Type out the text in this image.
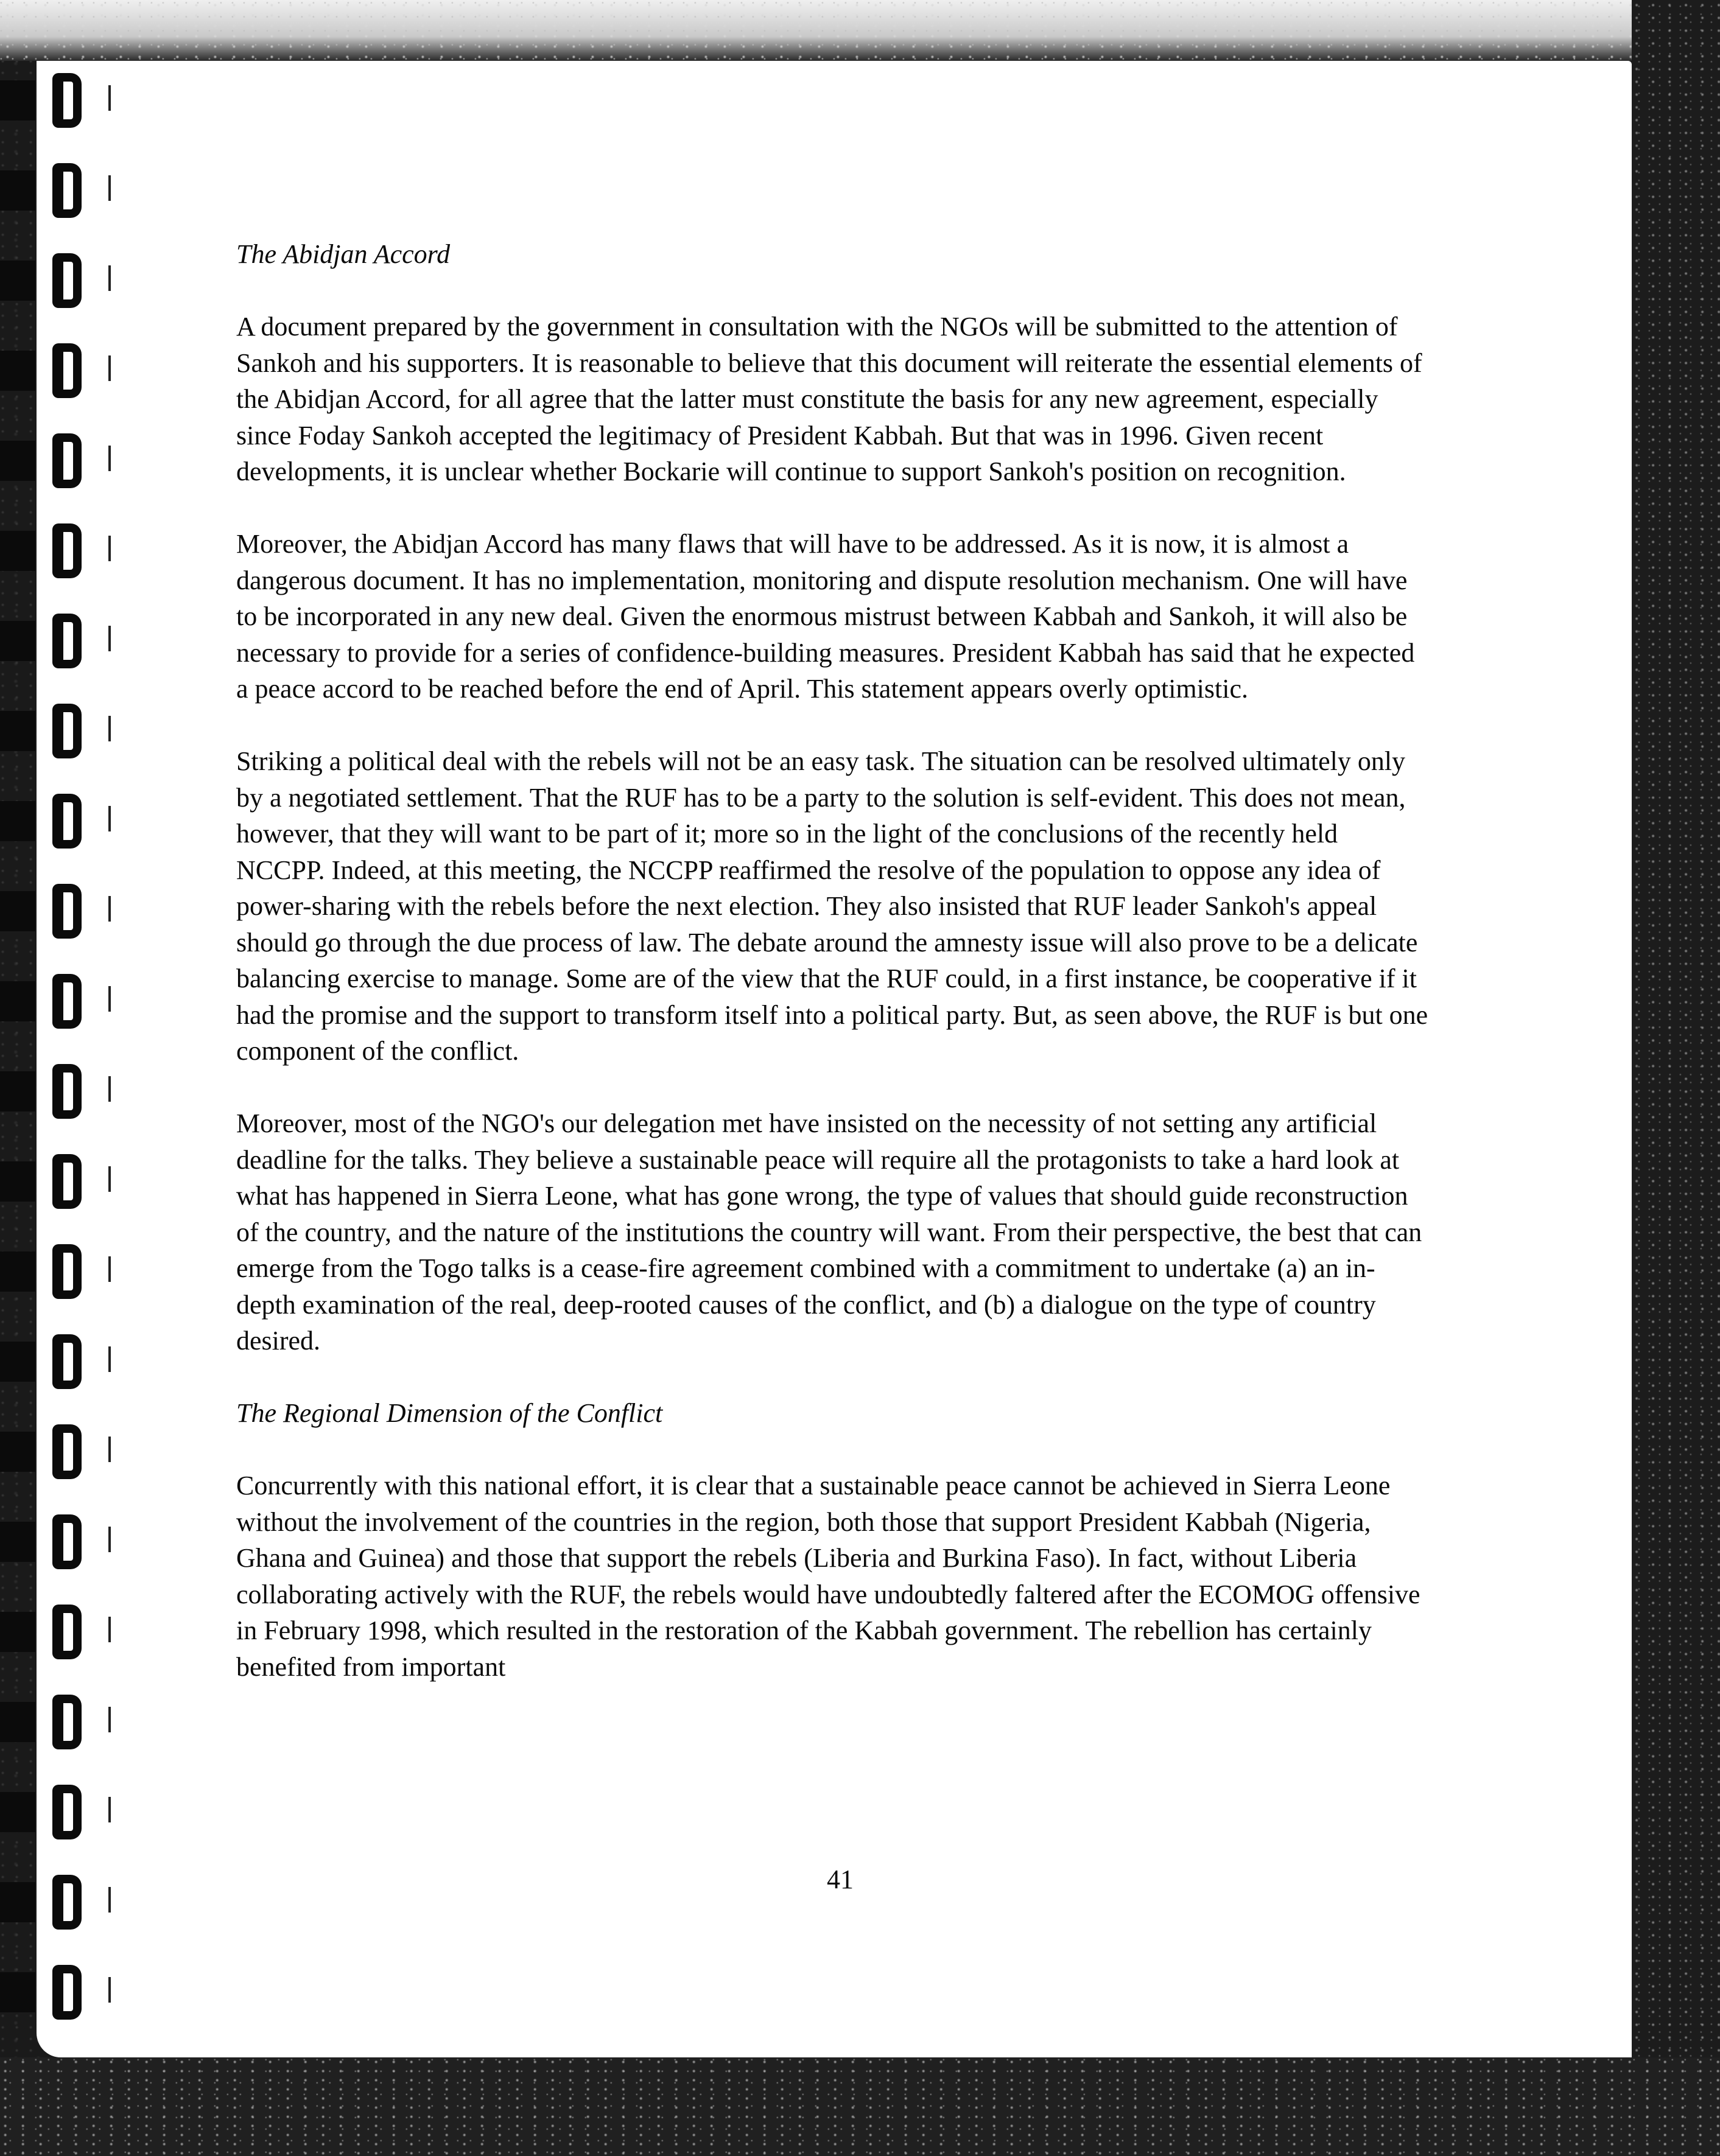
The Abidjan Accord

A document prepared by the government in consultation with the NGOs will be submitted to the attention of Sankoh and his supporters. It is reasonable to believe that this document will reiterate the essential elements of the Abidjan Accord, for all agree that the latter must constitute the basis for any new agreement, especially since Foday Sankoh accepted the legitimacy of President Kabbah. But that was in 1996. Given recent developments, it is unclear whether Bockarie will continue to support Sankoh's position on recognition.

Moreover, the Abidjan Accord has many flaws that will have to be addressed. As it is now, it is almost a dangerous document. It has no implementation, monitoring and dispute resolution mechanism. One will have to be incorporated in any new deal. Given the enormous mistrust between Kabbah and Sankoh, it will also be necessary to provide for a series of confidence-building measures. President Kabbah has said that he expected a peace accord to be reached before the end of April. This statement appears overly optimistic.

Striking a political deal with the rebels will not be an easy task. The situation can be resolved ultimately only by a negotiated settlement. That the RUF has to be a party to the solution is self-evident. This does not mean, however, that they will want to be part of it; more so in the light of the conclusions of the recently held NCCPP. Indeed, at this meeting, the NCCPP reaffirmed the resolve of the population to oppose any idea of power-sharing with the rebels before the next election. They also insisted that RUF leader Sankoh's appeal should go through the due process of law. The debate around the amnesty issue will also prove to be a delicate balancing exercise to manage. Some are of the view that the RUF could, in a first instance, be cooperative if it had the promise and the support to transform itself into a political party. But, as seen above, the RUF is but one component of the conflict.

Moreover, most of the NGO's our delegation met have insisted on the necessity of not setting any artificial deadline for the talks. They believe a sustainable peace will require all the protagonists to take a hard look at what has happened in Sierra Leone, what has gone wrong, the type of values that should guide reconstruction of the country, and the nature of the institutions the country will want. From their perspective, the best that can emerge from the Togo talks is a cease-fire agreement combined with a commitment to undertake (a) an in-depth examination of the real, deep-rooted causes of the conflict, and (b) a dialogue on the type of country desired.

The Regional Dimension of the Conflict

Concurrently with this national effort, it is clear that a sustainable peace cannot be achieved in Sierra Leone without the involvement of the countries in the region, both those that support President Kabbah (Nigeria, Ghana and Guinea) and those that support the rebels (Liberia and Burkina Faso). In fact, without Liberia collaborating actively with the RUF, the rebels would have undoubtedly faltered after the ECOMOG offensive in February 1998, which resulted in the restoration of the Kabbah government. The rebellion has certainly benefited from important

41
